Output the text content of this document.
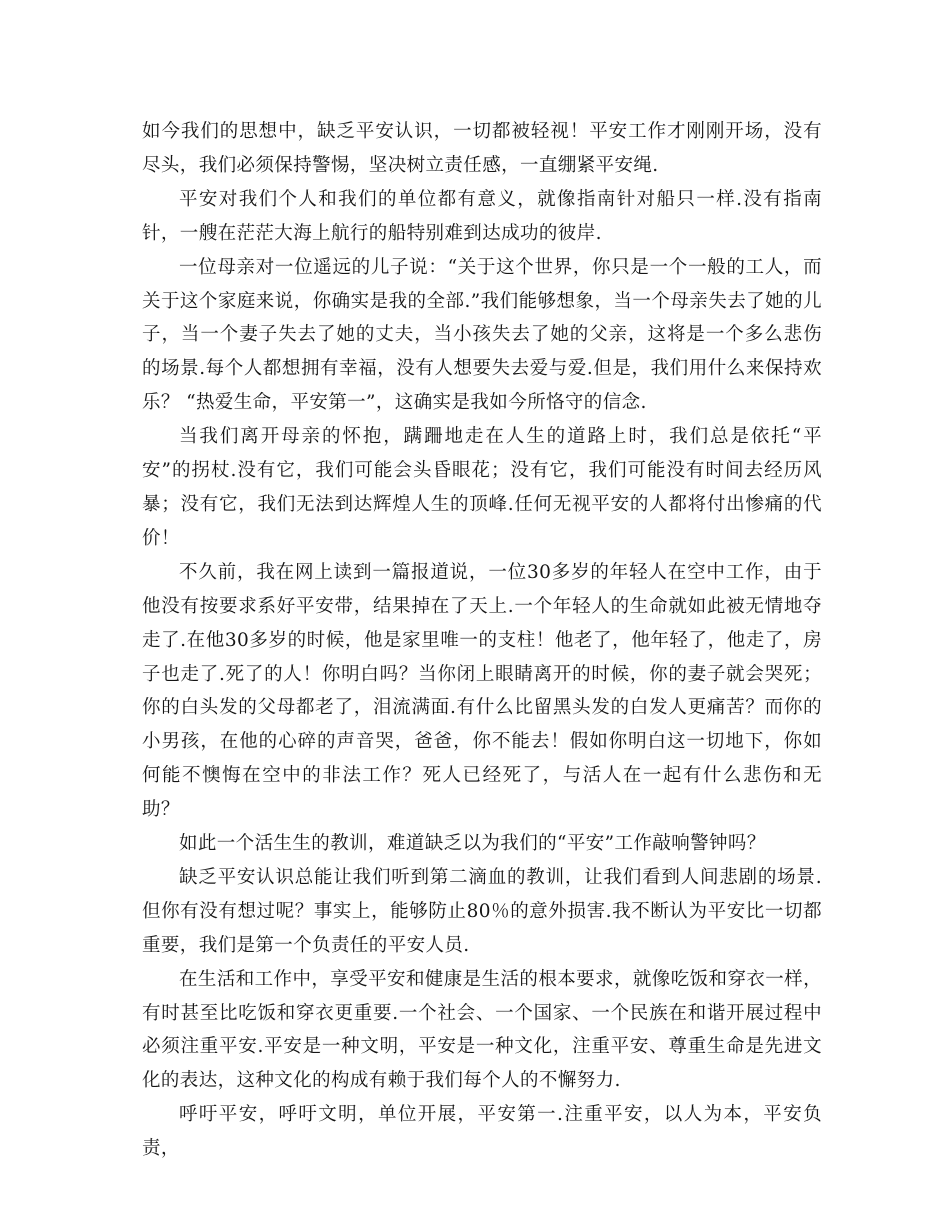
如今我们的思想中，缺乏平安认识，一切都被轻视！平安工作才刚刚开场，没有尽头，我们必须保持警惕，坚决树立责任感，一直绷紧平安绳.

平安对我们个人和我们的单位都有意义，就像指南针对船只一样.没有指南针，一艘在茫茫大海上航行的船特别难到达成功的彼岸.

一位母亲对一位遥远的儿子说：“关于这个世界，你只是一个一般的工人，而关于这个家庭来说，你确实是我的全部.”我们能够想象，当一个母亲失去了她的儿子，当一个妻子失去了她的丈夫，当小孩失去了她的父亲，这将是一个多么悲伤的场景.每个人都想拥有幸福，没有人想要失去爱与爱.但是，我们用什么来保持欢乐？ “热爱生命，平安第一”，这确实是我如今所恪守的信念.

当我们离开母亲的怀抱，蹒跚地走在人生的道路上时，我们总是依托“平安”的拐杖.没有它，我们可能会头昏眼花；没有它，我们可能没有时间去经历风暴；没有它，我们无法到达辉煌人生的顶峰.任何无视平安的人都将付出惨痛的代价！

不久前，我在网上读到一篇报道说，一位30多岁的年轻人在空中工作，由于他没有按要求系好平安带，结果掉在了天上.一个年轻人的生命就如此被无情地夺走了.在他30多岁的时候，他是家里唯一的支柱！他老了，他年轻了，他走了，房子也走了.死了的人！你明白吗？当你闭上眼睛离开的时候，你的妻子就会哭死；你的白头发的父母都老了，泪流满面.有什么比留黑头发的白发人更痛苦？而你的小男孩，在他的心碎的声音哭，爸爸，你不能去！假如你明白这一切地下，你如何能不懊悔在空中的非法工作？死人已经死了，与活人在一起有什么悲伤和无助？

如此一个活生生的教训，难道缺乏以为我们的“平安”工作敲响警钟吗？

缺乏平安认识总能让我们听到第二滴血的教训，让我们看到人间悲剧的场景.但你有没有想过呢？事实上，能够防止80％的意外损害.我不断认为平安比一切都重要，我们是第一个负责任的平安人员.

在生活和工作中，享受平安和健康是生活的根本要求，就像吃饭和穿衣一样，有时甚至比吃饭和穿衣更重要.一个社会、一个国家、一个民族在和谐开展过程中必须注重平安.平安是一种文明，平安是一种文化，注重平安、尊重生命是先进文化的表达，这种文化的构成有赖于我们每个人的不懈努力.

呼吁平安，呼吁文明，单位开展，平安第一.注重平安，以人为本，平安负责，
